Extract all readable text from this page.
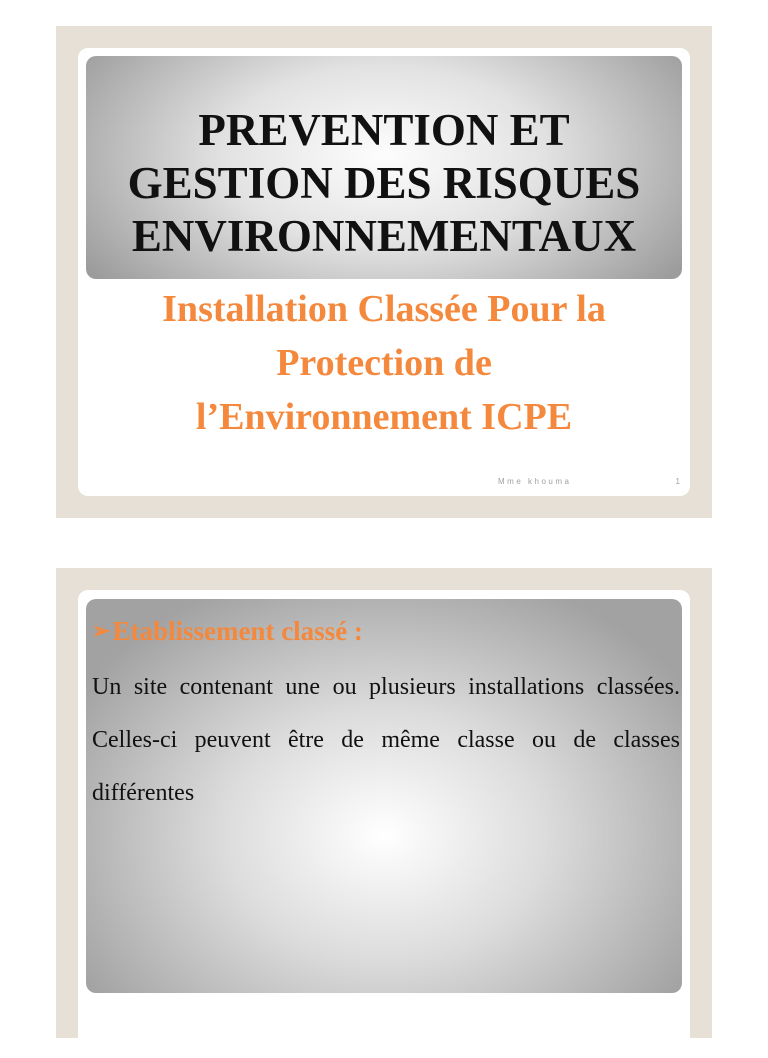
PREVENTION ET
GESTION DES RISQUES
ENVIRONNEMENTAUX
Installation Classée Pour la
Protection de
l’Environnement ICPE
Mme khouma	1
➢ Etablissement classé :
Un site contenant une ou plusieurs installations classées. Celles-ci peuvent être de même classe ou de classes différentes
